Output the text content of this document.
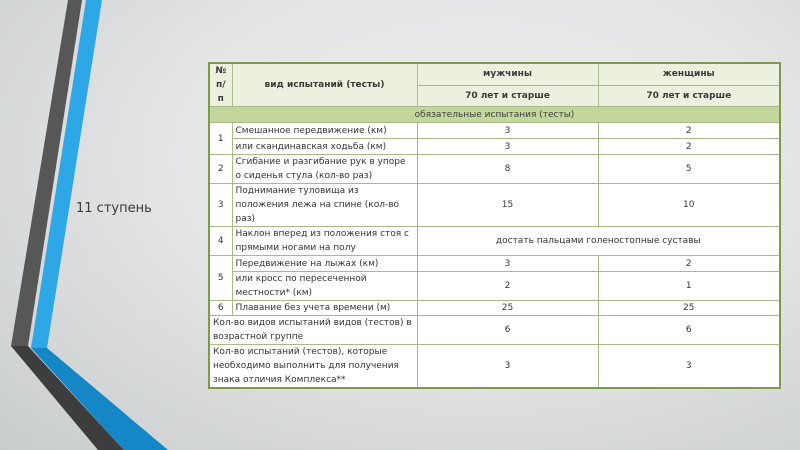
11 ступень
№ п/п	вид испытаний (тесты)	мужчины	женщины
		70 лет и старше	70 лет и старше
обязательные испытания (тесты)			
1	Смешанное передвижение (км)	3	2
	или скандинавская ходьба (км)	3	2
2	Сгибание и разгибание рук в упоре о сиденья стула (кол-во раз)	8	5
3	Поднимание туловища из положения лежа на спине (кол-во раз)	15	10
4	Наклон вперед из положения стоя с прямыми ногами на полу	достать пальцами голеностопные суставы	
5	Передвижение на лыжах (км)	3	2
	или кросс по пересеченной местности* (км)	2	1
6	Плавание без учета времени (м)	25	25
Кол-во видов испытаний видов (тестов) в возрастной группе		6	6
Кол-во испытаний (тестов), которые необходимо выполнить для получения знака отличия Комплекса**		3	3
